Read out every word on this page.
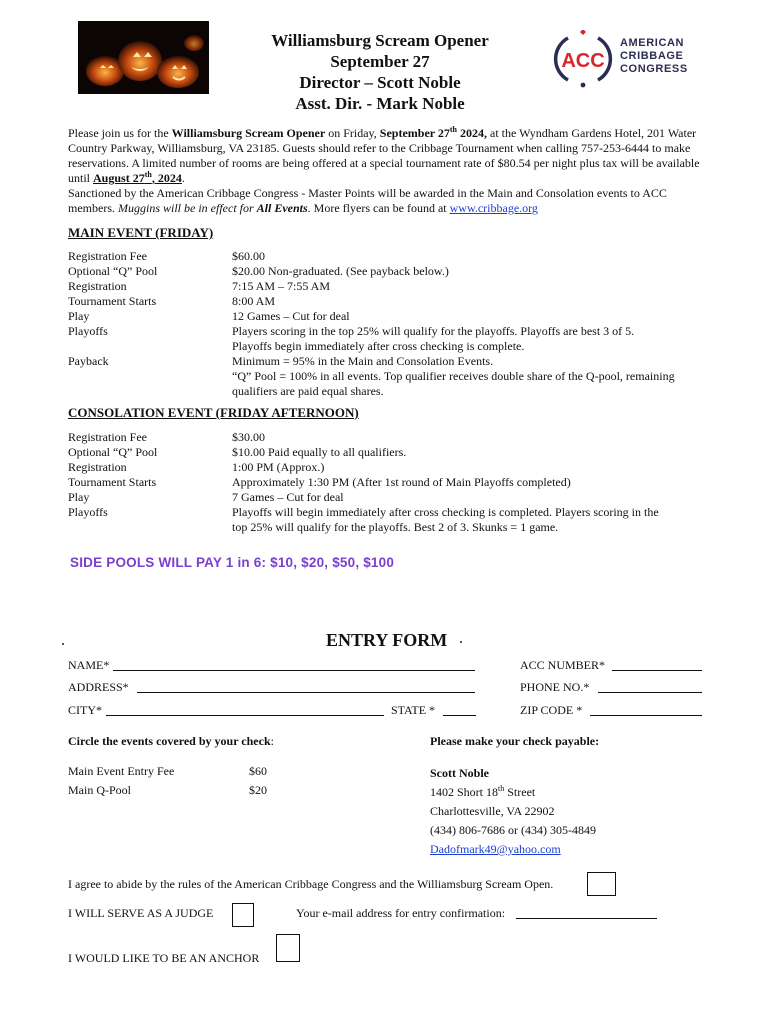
Williamsburg Scream Opener
September 27
Director – Scott Noble
Asst. Dir. - Mark Noble
ACC
AMERICAN
CRIBBAGE
CONGRESS
Please join us for the Williamsburg Scream Opener on Friday, September 27th 2024, at the Wyndham Gardens Hotel, 201 Water Country Parkway, Williamsburg, VA 23185. Guests should refer to the Cribbage Tournament when calling 757-253-6444 to make reservations. A limited number of rooms are being offered at a special tournament rate of $80.54 per night plus tax will be available until August 27th, 2024.
Sanctioned by the American Cribbage Congress - Master Points will be awarded in the Main and Consolation events to ACC members. Muggins will be in effect for All Events. More flyers can be found at www.cribbage.org
MAIN EVENT (FRIDAY)
Registration Fee	$60.00
Optional “Q” Pool	$20.00 Non-graduated. (See payback below.)
Registration	7:15 AM – 7:55 AM
Tournament Starts	8:00 AM
Play	12 Games – Cut for deal
Playoffs	Players scoring in the top 25% will qualify for the playoffs. Playoffs are best 3 of 5.
Playoffs begin immediately after cross checking is complete.
Payback	Minimum = 95% in the Main and Consolation Events.
“Q” Pool = 100% in all events. Top qualifier receives double share of the Q-pool, remaining
qualifiers are paid equal shares.
CONSOLATION EVENT (FRIDAY AFTERNOON)
Registration Fee	$30.00
Optional “Q” Pool	$10.00 Paid equally to all qualifiers.
Registration	1:00 PM (Approx.)
Tournament Starts	Approximately 1:30 PM (After 1st round of Main Playoffs completed)
Play	7 Games – Cut for deal
Playoffs	Playoffs will begin immediately after cross checking is completed. Players scoring in the
top 25% will qualify for the playoffs. Best 2 of 3. Skunks = 1 game.
SIDE POOLS WILL PAY 1 in 6: $10, $20, $50, $100
ENTRY FORM
NAME*	ACC NUMBER*
ADDRESS*	PHONE NO.*
CITY*	STATE *	ZIP CODE *
Circle the events covered by your check:	Please make your check payable:
Main Event Entry Fee	$60
Main Q-Pool	$20
Scott Noble
1402 Short 18th Street
Charlottesville, VA 22902
(434) 806-7686 or (434) 305-4849
Dadofmark49@yahoo.com
I agree to abide by the rules of the American Cribbage Congress and the Williamsburg Scream Open.
I WILL SERVE AS A JUDGE	Your e-mail address for entry confirmation:
I WOULD LIKE TO BE AN ANCHOR
